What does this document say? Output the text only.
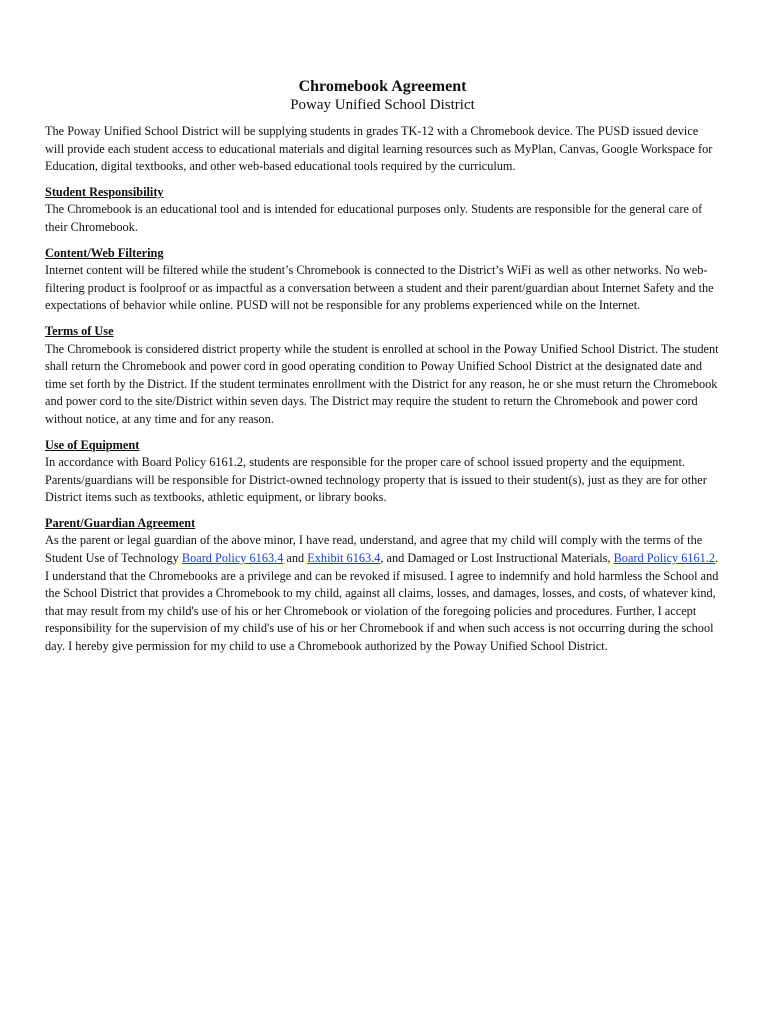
Chromebook Agreement
Poway Unified School District

The Poway Unified School District will be supplying students in grades TK-12 with a Chromebook device. The PUSD issued device will provide each student access to educational materials and digital learning resources such as MyPlan, Canvas, Google Workspace for Education, digital textbooks, and other web-based educational tools required by the curriculum.

Student Responsibility

The Chromebook is an educational tool and is intended for educational purposes only. Students are responsible for the general care of their Chromebook.

Content/Web Filtering

Internet content will be filtered while the student’s Chromebook is connected to the District’s WiFi as well as other networks. No web-filtering product is foolproof or as impactful as a conversation between a student and their parent/guardian about Internet Safety and the expectations of behavior while online. PUSD will not be responsible for any problems experienced while on the Internet.

Terms of Use

The Chromebook is considered district property while the student is enrolled at school in the Poway Unified School District. The student shall return the Chromebook and power cord in good operating condition to Poway Unified School District at the designated date and time set forth by the District. If the student terminates enrollment with the District for any reason, he or she must return the Chromebook and power cord to the site/District within seven days. The District may require the student to return the Chromebook and power cord without notice, at any time and for any reason.

Use of Equipment

In accordance with Board Policy 6161.2, students are responsible for the proper care of school issued property and the equipment. Parents/guardians will be responsible for District-owned technology property that is issued to their student(s), just as they are for other District items such as textbooks, athletic equipment, or library books.

Parent/Guardian Agreement

As the parent or legal guardian of the above minor, I have read, understand, and agree that my child will comply with the terms of the Student Use of Technology Board Policy 6163.4 and Exhibit 6163.4, and Damaged or Lost Instructional Materials, Board Policy 6161.2. I understand that the Chromebooks are a privilege and can be revoked if misused. I agree to indemnify and hold harmless the School and the School District that provides a Chromebook to my child, against all claims, losses, and damages, losses, and costs, of whatever kind, that may result from my child's use of his or her Chromebook or violation of the foregoing policies and procedures. Further, I accept responsibility for the supervision of my child's use of his or her Chromebook if and when such access is not occurring during the school day. I hereby give permission for my child to use a Chromebook authorized by the Poway Unified School District.
